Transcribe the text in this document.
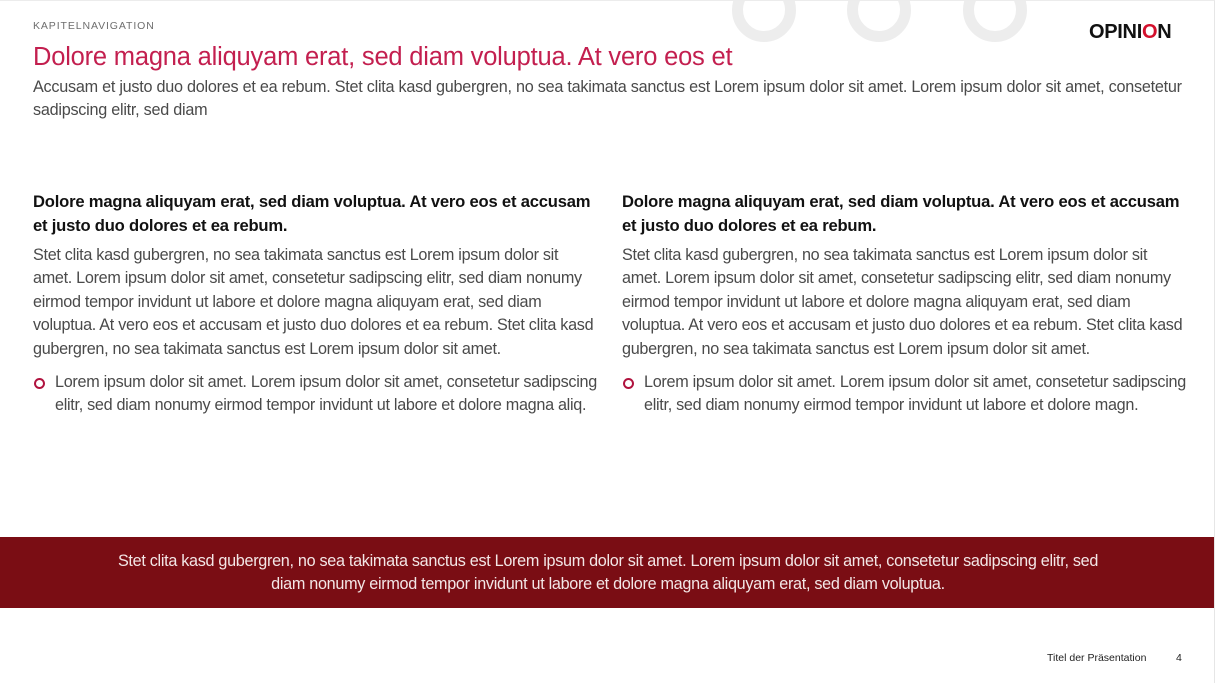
KAPITELNAVIGATION	OPINION
Dolore magna aliquyam erat, sed diam voluptua. At vero eos et
Accusam et justo duo dolores et ea rebum. Stet clita kasd gubergren, no sea takimata sanctus est Lorem ipsum dolor sit amet. Lorem ipsum dolor sit amet, consetetur sadipscing elitr, sed diam
Dolore magna aliquyam erat, sed diam voluptua. At vero eos et accusam et justo duo dolores et ea rebum.

Stet clita kasd gubergren, no sea takimata sanctus est Lorem ipsum dolor sit amet. Lorem ipsum dolor sit amet, consetetur sadipscing elitr, sed diam nonumy eirmod tempor invidunt ut labore et dolore magna aliquyam erat, sed diam voluptua. At vero eos et accusam et justo duo dolores et ea rebum. Stet clita kasd gubergren, no sea takimata sanctus est Lorem ipsum dolor sit amet.

Lorem ipsum dolor sit amet. Lorem ipsum dolor sit amet, consetetur sadipscing elitr, sed diam nonumy eirmod tempor invidunt ut labore et dolore magna aliq.
Dolore magna aliquyam erat, sed diam voluptua. At vero eos et accusam et justo duo dolores et ea rebum.

Stet clita kasd gubergren, no sea takimata sanctus est Lorem ipsum dolor sit amet. Lorem ipsum dolor sit amet, consetetur sadipscing elitr, sed diam nonumy eirmod tempor invidunt ut labore et dolore magna aliquyam erat, sed diam voluptua. At vero eos et accusam et justo duo dolores et ea rebum. Stet clita kasd gubergren, no sea takimata sanctus est Lorem ipsum dolor sit amet.

Lorem ipsum dolor sit amet. Lorem ipsum dolor sit amet, consetetur sadipscing elitr, sed diam nonumy eirmod tempor invidunt ut labore et dolore magn.
Stet clita kasd gubergren, no sea takimata sanctus est Lorem ipsum dolor sit amet. Lorem ipsum dolor sit amet, consetetur sadipscing elitr, sed diam nonumy eirmod tempor invidunt ut labore et dolore magna aliquyam erat, sed diam voluptua.
Titel der Präsentation	4
